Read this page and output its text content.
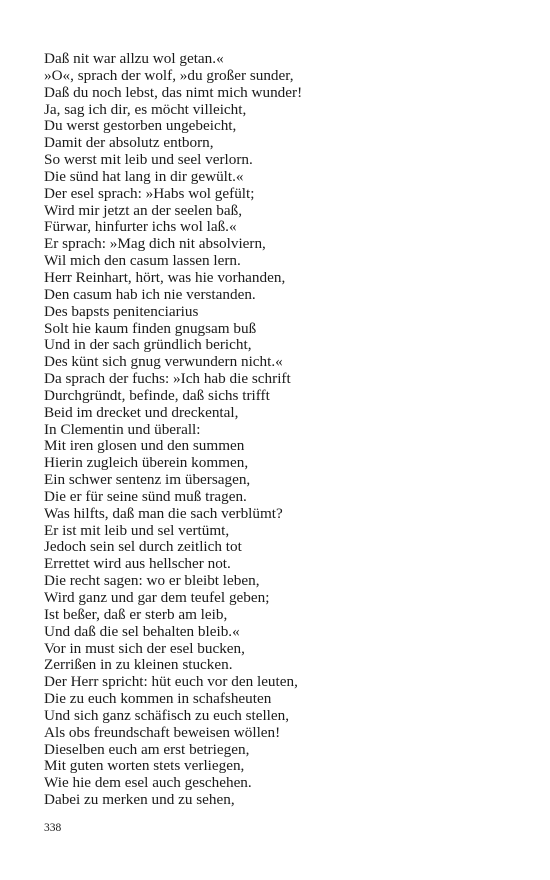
Daß nit war allzu wol getan.«
»O«, sprach der wolf, »du großer sunder,
Daß du noch lebst, das nimt mich wunder!
Ja, sag ich dir, es möcht villeicht,
Du werst gestorben ungebeicht,
Damit der absolutz entborn,
So werst mit leib und seel verlorn.
Die sünd hat lang in dir gewült.«
Der esel sprach: »Habs wol gefült;
Wird mir jetzt an der seelen baß,
Fürwar, hinfurter ichs wol laß.«
Er sprach: »Mag dich nit absolviern,
Wil mich den casum lassen lern.
Herr Reinhart, hört, was hie vorhanden,
Den casum hab ich nie verstanden.
Des bapsts penitenciarius
Solt hie kaum finden gnugsam buß
Und in der sach gründlich bericht,
Des künt sich gnug verwundern nicht.«
Da sprach der fuchs: »Ich hab die schrift
Durchgründt, befinde, daß sichs trifft
Beid im drecket und dreckental,
In Clementin und überall:
Mit iren glosen und den summen
Hierin zugleich überein kommen,
Ein schwer sentenz im übersagen,
Die er für seine sünd muß tragen.
Was hilfts, daß man die sach verblümt?
Er ist mit leib und sel vertümt,
Jedoch sein sel durch zeitlich tot
Errettet wird aus hellscher not.
Die recht sagen: wo er bleibt leben,
Wird ganz und gar dem teufel geben;
Ist beßer, daß er sterb am leib,
Und daß die sel behalten bleib.«
Vor in must sich der esel bucken,
Zerrißen in zu kleinen stucken.
Der Herr spricht: hüt euch vor den leuten,
Die zu euch kommen in schafsheuten
Und sich ganz schäfisch zu euch stellen,
Als obs freundschaft beweisen wöllen!
Dieselben euch am erst betriegen,
Mit guten worten stets verliegen,
Wie hie dem esel auch geschehen.
Dabei zu merken und zu sehen,
338
